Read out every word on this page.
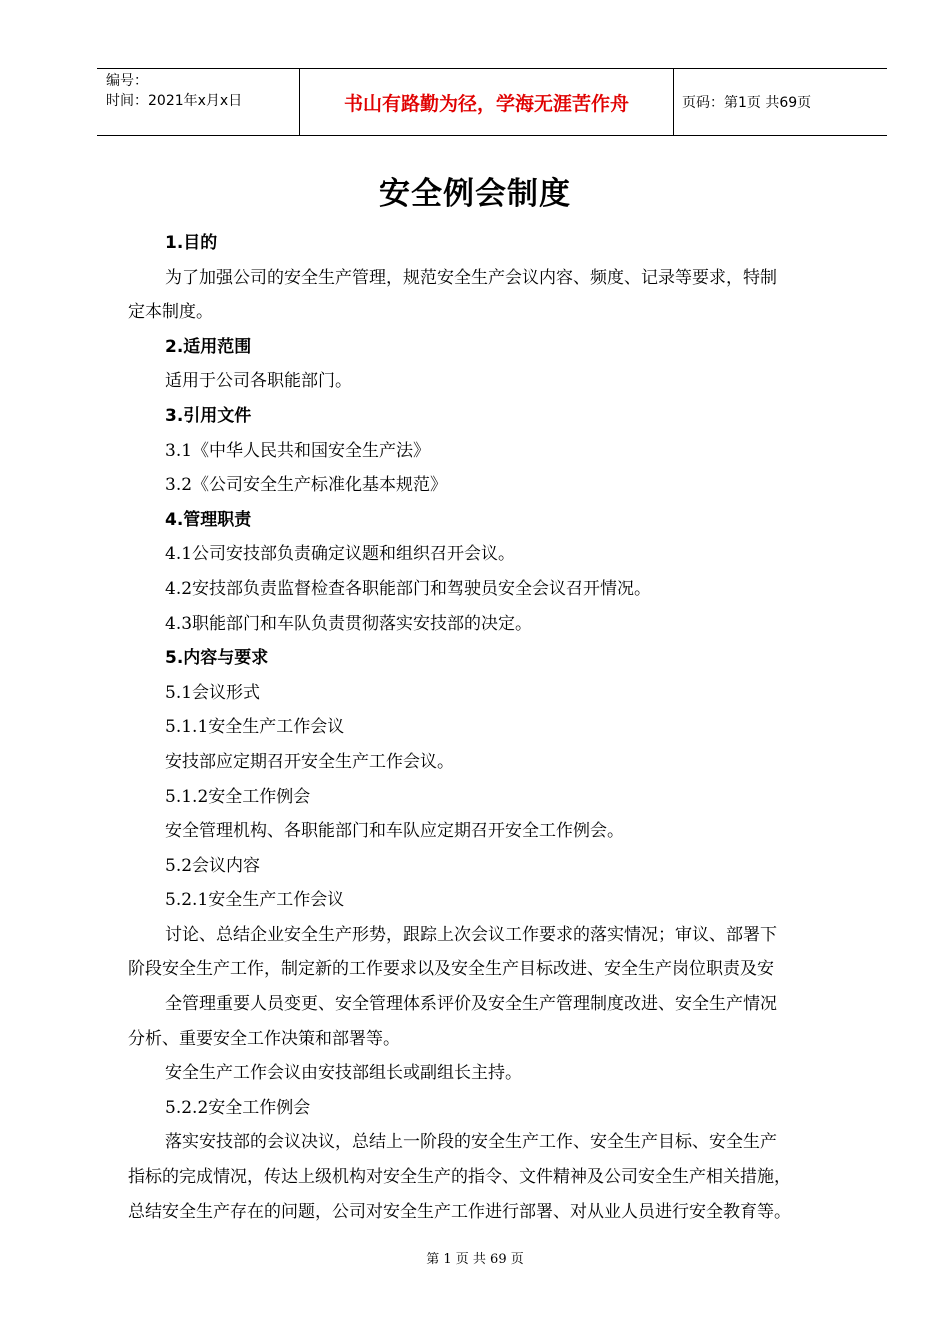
编号：
时间：2021年x月x日	书山有路勤为径，学海无涯苦作舟	页码：第1页 共69页
安全例会制度
1.目的
为了加强公司的安全生产管理，规范安全生产会议内容、频度、记录等要求，特制
定本制度。
2.适用范围
适用于公司各职能部门。
3.引用文件
3.1《中华人民共和国安全生产法》
3.2《公司安全生产标准化基本规范》
4.管理职责
4.1公司安技部负责确定议题和组织召开会议。
4.2安技部负责监督检查各职能部门和驾驶员安全会议召开情况。
4.3职能部门和车队负责贯彻落实安技部的决定。
5.内容与要求
5.1会议形式
5.1.1安全生产工作会议
安技部应定期召开安全生产工作会议。
5.1.2安全工作例会
安全管理机构、各职能部门和车队应定期召开安全工作例会。
5.2会议内容
5.2.1安全生产工作会议
讨论、总结企业安全生产形势，跟踪上次会议工作要求的落实情况；审议、部署下
阶段安全生产工作，制定新的工作要求以及安全生产目标改进、安全生产岗位职责及安
全管理重要人员变更、安全管理体系评价及安全生产管理制度改进、安全生产情况
分析、重要安全工作决策和部署等。
安全生产工作会议由安技部组长或副组长主持。
5.2.2安全工作例会
落实安技部的会议决议，总结上一阶段的安全生产工作、安全生产目标、安全生产
指标的完成情况，传达上级机构对安全生产的指令、文件精神及公司安全生产相关措施，
总结安全生产存在的问题，公司对安全生产工作进行部署、对从业人员进行安全教育等。
第 1 页 共 69 页
